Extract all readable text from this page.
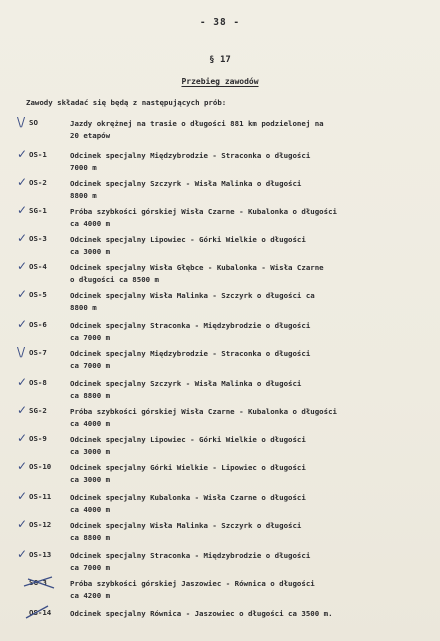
- 38 -
§ 17
Przebieg zawodów
Zawody składać się będą z następujących prób:
\/ SO	Jazdy okrężnej na trasie o długości 881 km podzielonej na
20 etapów
✓ OS-1	Odcinek specjalny Międzybrodzie - Straconka o długości
7000 m
✓ OS-2	Odcinek specjalny Szczyrk - Wisła Malinka o długości
8800 m
✓ SG-1	Próba szybkości górskiej Wisła Czarne - Kubalonka o długości
ca 4000 m
✓ OS-3	Odcinek specjalny Lipowiec - Górki Wielkie o długości
ca 3000 m
✓ OS-4	Odcinek specjalny Wisła Głębce - Kubalonka - Wisła Czarne
o długości ca 8500 m
✓ OS-5	Odcinek specjalny Wisła Malinka - Szczyrk o długości ca
8800 m
✓ OS-6	Odcinek specjalny Straconka - Międzybrodzie o długości
ca 7000 m
\/ OS-7	Odcinek specjalny Międzybrodzie - Straconka o długości
ca 7000 m
✓ OS-8	Odcinek specjalny Szczyrk - Wisła Malinka o długości
ca 8800 m
✓ SG-2	Próba szybkości górskiej Wisła Czarne - Kubalonka o długości
ca 4000 m
✓ OS-9	Odcinek specjalny Lipowiec - Górki Wielkie o długości
ca 3000 m
✓ OS-10	Odcinek specjalny Górki Wielkie - Lipowiec o długości
ca 3000 m
✓ OS-11	Odcinek specjalny Kubalonka - Wisła Czarne o długości
ca 4000 m
✓ OS-12	Odcinek specjalny Wisła Malinka - Szczyrk o długości
ca 8800 m
✓ OS-13	Odcinek specjalny Straconka - Międzybrodzie o długości
ca 7000 m
SG-3	Próba szybkości górskiej Jaszowiec - Równica o długości
ca 4200 m
OS-14	Odcinek specjalny Równica - Jaszowiec o długości ca 3500 m.
